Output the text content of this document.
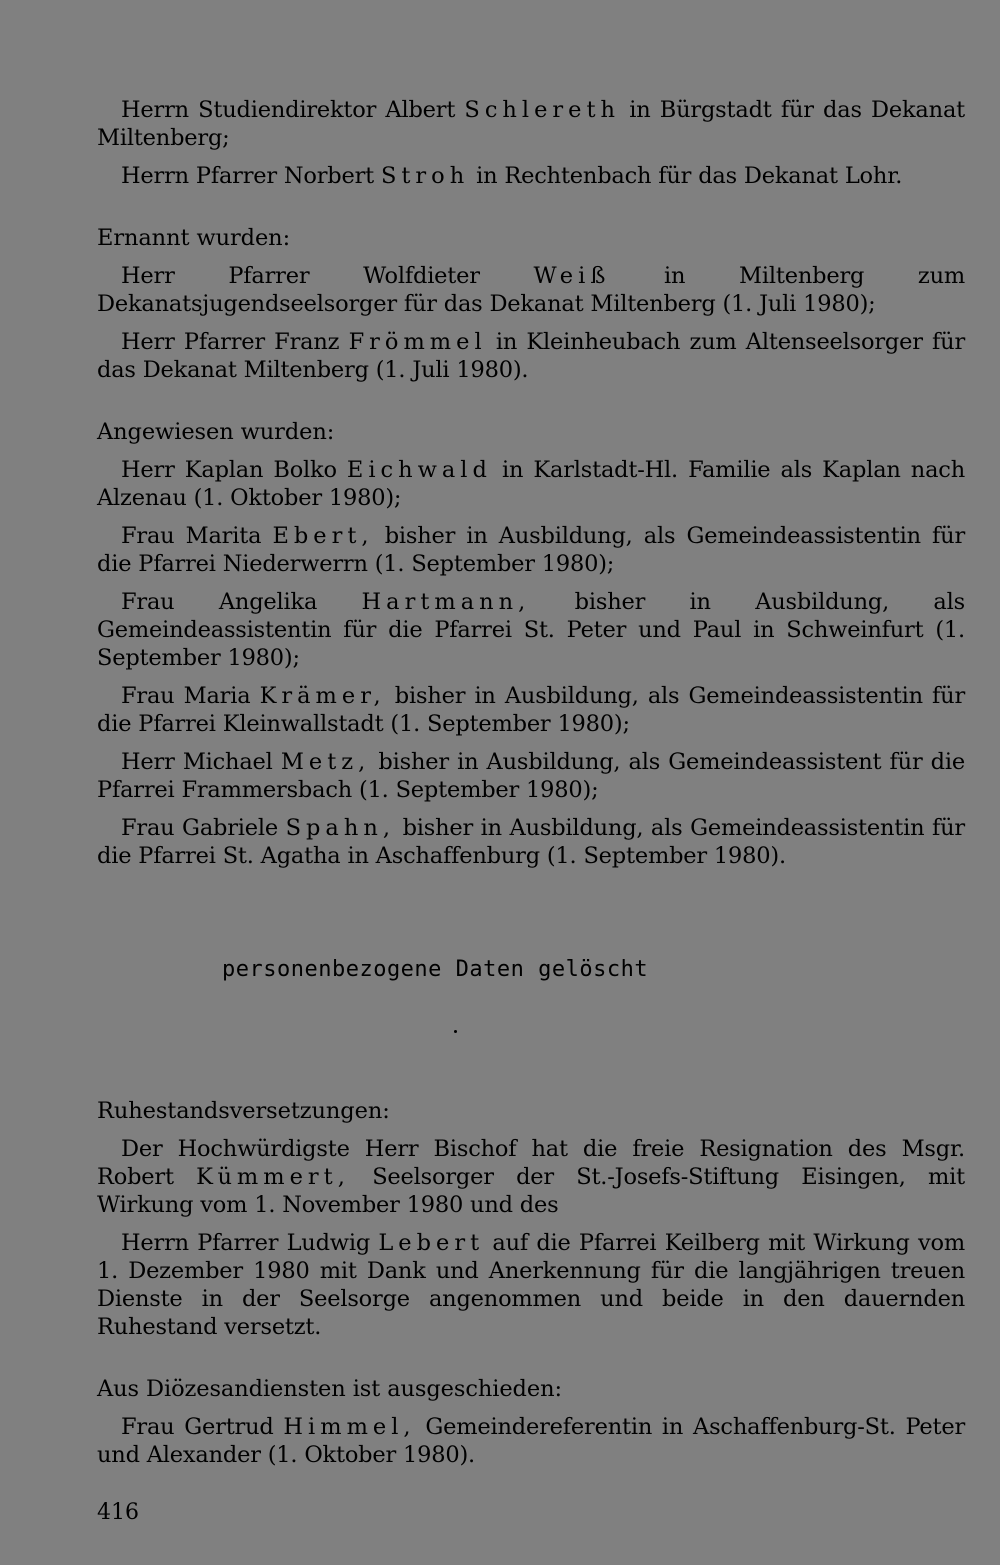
Herrn Studiendirektor Albert Schlereth in Bürgstadt für das Dekanat Miltenberg;

Herrn Pfarrer Norbert Stroh in Rechtenbach für das Dekanat Lohr.

Ernannt wurden:

Herr Pfarrer Wolfdieter Weiß in Miltenberg zum Dekanatsjugendseelsorger für das Dekanat Miltenberg (1. Juli 1980);

Herr Pfarrer Franz Frömmel in Kleinheubach zum Altenseelsorger für das Dekanat Miltenberg (1. Juli 1980).

Angewiesen wurden:

Herr Kaplan Bolko Eichwald in Karlstadt-Hl. Familie als Kaplan nach Alzenau (1. Oktober 1980);

Frau Marita Ebert, bisher in Ausbildung, als Gemeindeassistentin für die Pfarrei Niederwerrn (1. September 1980);

Frau Angelika Hartmann, bisher in Ausbildung, als Gemeindeassistentin für die Pfarrei St. Peter und Paul in Schweinfurt (1. September 1980);

Frau Maria Krämer, bisher in Ausbildung, als Gemeindeassistentin für die Pfarrei Kleinwallstadt (1. September 1980);

Herr Michael Metz, bisher in Ausbildung, als Gemeindeassistent für die Pfarrei Frammersbach (1. September 1980);

Frau Gabriele Spahn, bisher in Ausbildung, als Gemeindeassistentin für die Pfarrei St. Agatha in Aschaffenburg (1. September 1980).

personenbezogene Daten gelöscht
Ruhestandsversetzungen:

Der Hochwürdigste Herr Bischof hat die freie Resignation des Msgr. Robert Kümmert, Seelsorger der St.-Josefs-Stiftung Eisingen, mit Wirkung vom 1. November 1980 und des

Herrn Pfarrer Ludwig Lebert auf die Pfarrei Keilberg mit Wirkung vom 1. Dezember 1980 mit Dank und Anerkennung für die langjährigen treuen Dienste in der Seelsorge angenommen und beide in den dauernden Ruhestand versetzt.

Aus Diözesandiensten ist ausgeschieden:

Frau Gertrud Himmel, Gemeindereferentin in Aschaffenburg-St. Peter und Alexander (1. Oktober 1980).

416
